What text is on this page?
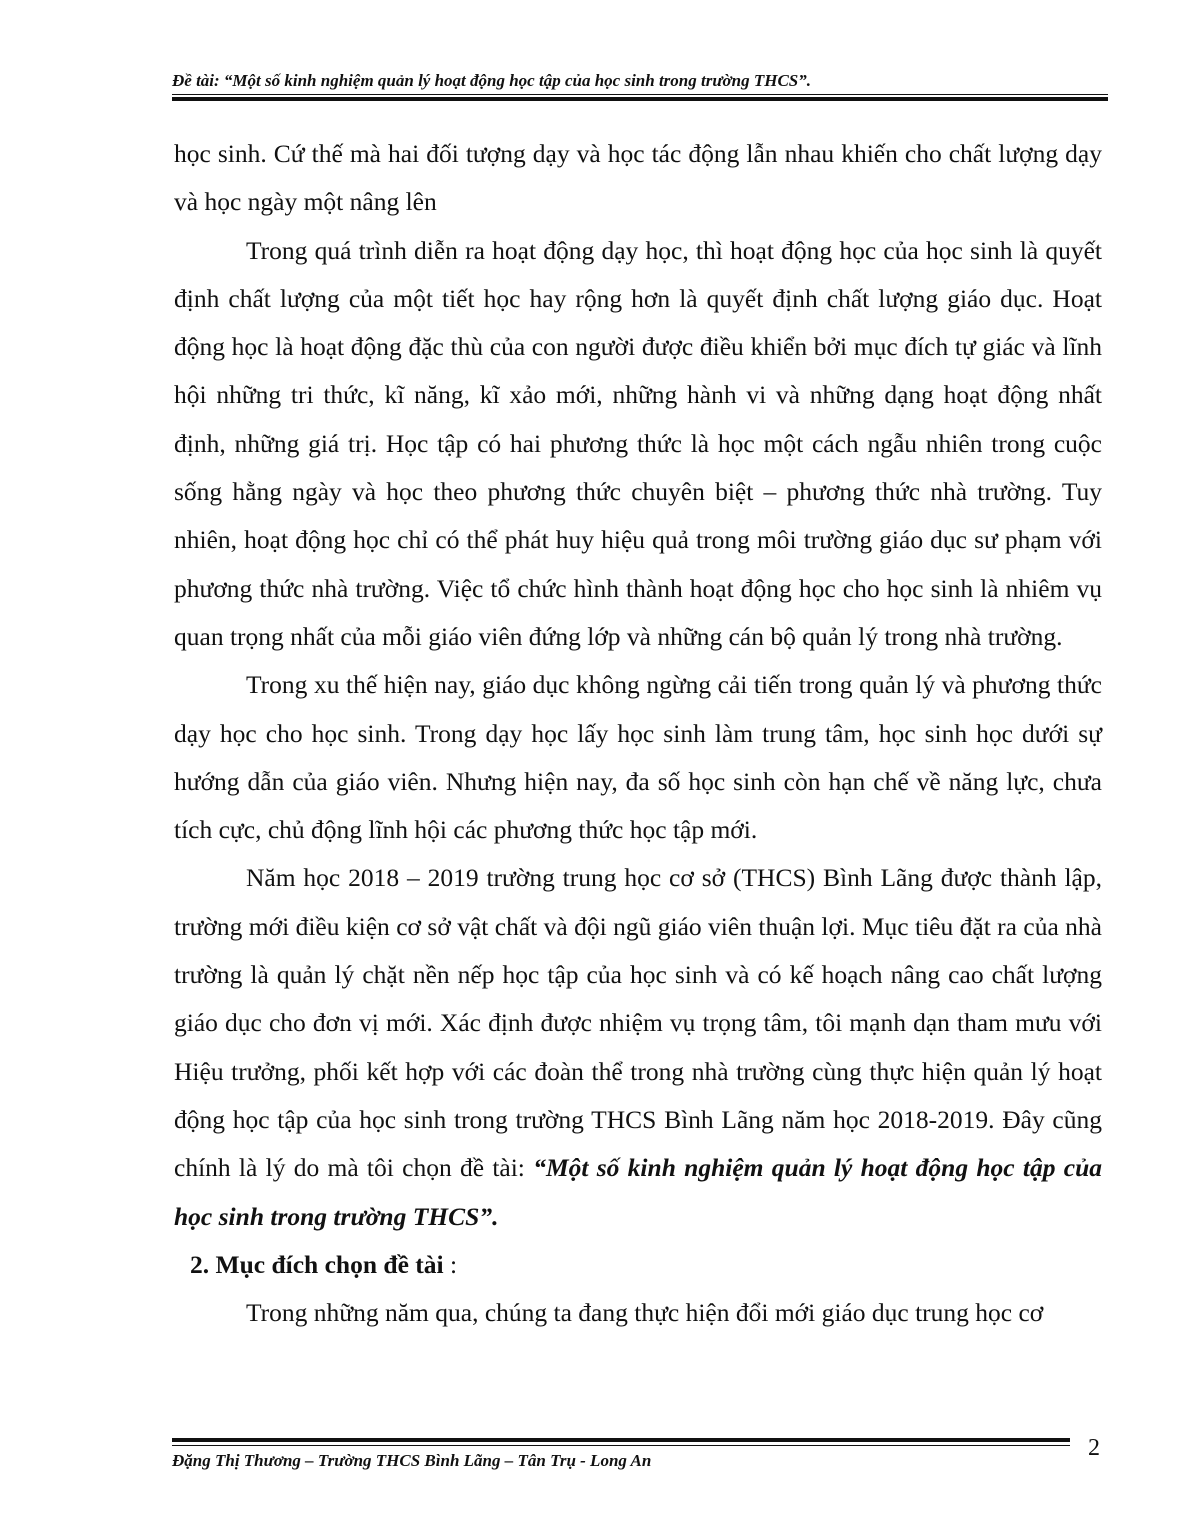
Đề tài: “Một số kinh nghiệm quản lý hoạt động học tập của học sinh trong trường THCS”.

học sinh. Cứ thế mà hai đối tượng dạy và học tác động lẫn nhau khiến cho chất lượng dạy và học ngày một nâng lên

Trong quá trình diễn ra hoạt động dạy học, thì hoạt động học của học sinh là quyết định chất lượng của một tiết học hay rộng hơn là quyết định chất lượng giáo dục. Hoạt động học là hoạt động đặc thù của con người được điều khiển bởi mục đích tự giác và lĩnh hội những tri thức, kĩ năng, kĩ xảo mới, những hành vi và những dạng hoạt động nhất định, những giá trị. Học tập có hai phương thức là học một cách ngẫu nhiên trong cuộc sống hằng ngày và học theo phương thức chuyên biệt – phương thức nhà trường. Tuy nhiên, hoạt động học chỉ có thể phát huy hiệu quả trong môi trường giáo dục sư phạm với phương thức nhà trường. Việc tổ chức hình thành hoạt động học cho học sinh là nhiêm vụ quan trọng nhất của mỗi giáo viên đứng lớp và những cán bộ quản lý trong nhà trường.

Trong xu thế hiện nay, giáo dục không ngừng cải tiến trong quản lý và phương thức dạy học cho học sinh. Trong dạy học lấy học sinh làm trung tâm, học sinh học dưới sự hướng dẫn của giáo viên. Nhưng hiện nay, đa số học sinh còn hạn chế về năng lực, chưa tích cực, chủ động lĩnh hội các phương thức học tập mới.

Năm học 2018 – 2019 trường trung học cơ sở (THCS) Bình Lãng được thành lập, trường mới điều kiện cơ sở vật chất và đội ngũ giáo viên thuận lợi. Mục tiêu đặt ra của nhà trường là quản lý chặt nền nếp học tập của học sinh và có kế hoạch nâng cao chất lượng giáo dục cho đơn vị mới. Xác định được nhiệm vụ trọng tâm, tôi mạnh dạn tham mưu với Hiệu trưởng, phối kết hợp với các đoàn thể trong nhà trường cùng thực hiện quản lý hoạt động học tập của học sinh trong trường THCS Bình Lãng năm học 2018-2019. Đây cũng chính là lý do mà tôi chọn đề tài: “Một số kinh nghiệm quản lý hoạt động học tập của học sinh trong trường THCS”.

2. Mục đích chọn đề tài :

Trong những năm qua, chúng ta đang thực hiện đổi mới giáo dục trung học cơ

Đặng Thị Thương – Trường THCS Bình Lãng – Tân Trụ - Long An	2
